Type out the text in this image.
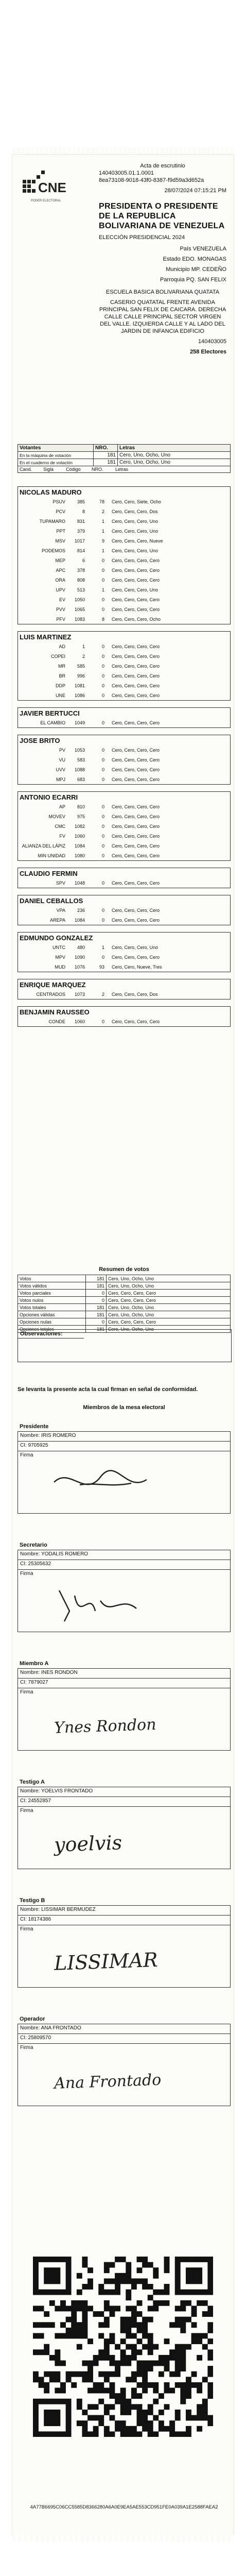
CNE
PODER ELECTORAL
Acta de escrutinio
140403005.01.1.0001
8ea73108-9018-43f0-8387-f9d59a3d652a
28/07/2024 07:15:21 PM
PRESIDENTA O PRESIDENTE DE LA REPUBLICA BOLIVARIANA DE VENEZUELA
ELECCIÓN PRESIDENCIAL 2024
País VENEZUELA
Estado EDO. MONAGAS
Municipio MP. CEDEÑO
Parroquia PQ. SAN FELIX
ESCUELA BASICA BOLIVARIANA QUATATA
CASERIO QUATATAL FRENTE AVENIDA PRINCIPAL SAN FELIX DE CAICARA. DERECHA CALLE CALLE PRINCIPAL SECTOR VIRGEN DEL VALLE. IZQUIERDA CALLE Y AL LADO DEL JARDIN DE INFANCIA EDIFICIO
140403005
258 Electores
Votantes	NRO.	Letras
En la máquina de votación	181	Cero, Uno, Ocho, Uno
En el cuaderno de votación	181	Cero, Uno, Ocho, Uno

Cand. Sigla Código NRO. Letras		
NICOLAS MADURO
PSUV	385	78	Cero, Cero, Siete, Ocho
PCV	8	2	Cero, Cero, Cero, Dos
TUPAMARO	831	1	Cero, Cero, Cero, Uno
PPT	379	1	Cero, Cero, Cero, Uno
MSV	1017	9	Cero, Cero, Cero, Nueve
PODEMOS	814	1	Cero, Cero, Cero, Uno
MEP	6	0	Cero, Cero, Cero, Cero
APC	378	0	Cero, Cero, Cero, Cero
ORA	808	0	Cero, Cero, Cero, Cero
UPV	513	1	Cero, Cero, Cero, Uno
EV	1050	0	Cero, Cero, Cero, Cero
PVV	1065	0	Cero, Cero, Cero, Cero
PFV	1083	8	Cero, Cero, Cero, Ocho
LUIS MARTINEZ
AD	1	0	Cero, Cero, Cero, Cero
COPEI	2	0	Cero, Cero, Cero, Cero
MR	585	0	Cero, Cero, Cero, Cero
BR	996	0	Cero, Cero, Cero, Cero
DDP	1081	0	Cero, Cero, Cero, Cero
UNE	1086	0	Cero, Cero, Cero, Cero
JAVIER BERTUCCI
EL CAMBIO	1049	0	Cero, Cero, Cero, Cero
JOSE BRITO
PV	1053	0	Cero, Cero, Cero, Cero
VU	583	0	Cero, Cero, Cero, Cero
UVV	1088	0	Cero, Cero, Cero, Cero
MPJ	683	0	Cero, Cero, Cero, Cero
ANTONIO ECARRI
AP	810	0	Cero, Cero, Cero, Cero
MOVEV	975	0	Cero, Cero, Cero, Cero
CMC	1082	0	Cero, Cero, Cero, Cero
FV	1060	0	Cero, Cero, Cero, Cero
ALIANZA DEL LÁPIZ	1084	0	Cero, Cero, Cero, Cero
MIN UNIDAD	1080	0	Cero, Cero, Cero, Cero
CLAUDIO FERMIN
SPV	1048	0	Cero, Cero, Cero, Cero
DANIEL CEBALLOS
VPA	236	0	Cero, Cero, Cero, Cero
AREPA	1084	0	Cero, Cero, Cero, Cero
EDMUNDO GONZALEZ
UNTC	480	1	Cero, Cero, Cero, Uno
MPV	1090	0	Cero, Cero, Cero, Cero
MUD	1076	93	Cero, Cero, Nueve, Tres
ENRIQUE MARQUEZ
CENTRADOS	1073	2	Cero, Cero, Cero, Dos
BENJAMIN RAUSSEO
CONDE	1060	0	Cero, Cero, Cero, Cero
Resumen de votos
Votos	181	Cero, Uno, Ocho, Uno
Votos válidos	181	Cero, Uno, Ocho, Uno
Votos parciales	0	Cero, Cero, Cero, Cero
Votos nulos	0	Cero, Cero, Cero, Cero
Votos totales	181	Cero, Uno, Ocho, Uno
Opciones válidas	181	Cero, Uno, Ocho, Uno
Opciones nulas	0	Cero, Cero, Cero, Cero
Opciones totales	181	Cero, Uno, Ocho, Uno
Observaciones:
Se levanta la presente acta la cual firman en señal de conformidad.
Miembros de la mesa electoral
Presidente
Nombre: IRIS ROMERO
CI: 9705925
Firma
Secretario
Nombre: YODALIS ROMERO
CI: 25305632
Firma
Miembro A
Nombre: INES RONDON
CI: 7879027
Firma
Ynes Rondon
Testigo A
Nombre: YOELVIS FRONTADO
CI: 24552857
Firma
yoelvis
Testigo B
Nombre: LISSIMAR BERMUDEZ
CI: 18174386
Firma
LISSIMAR
Operador
Nombre: ANA FRONTADO
CI: 25809570
Firma
Ana Frontado
4A77B6695C06CC5585D8366280A6A0E9EA5AE553CD951FE0A039A1E2588FAEA2
